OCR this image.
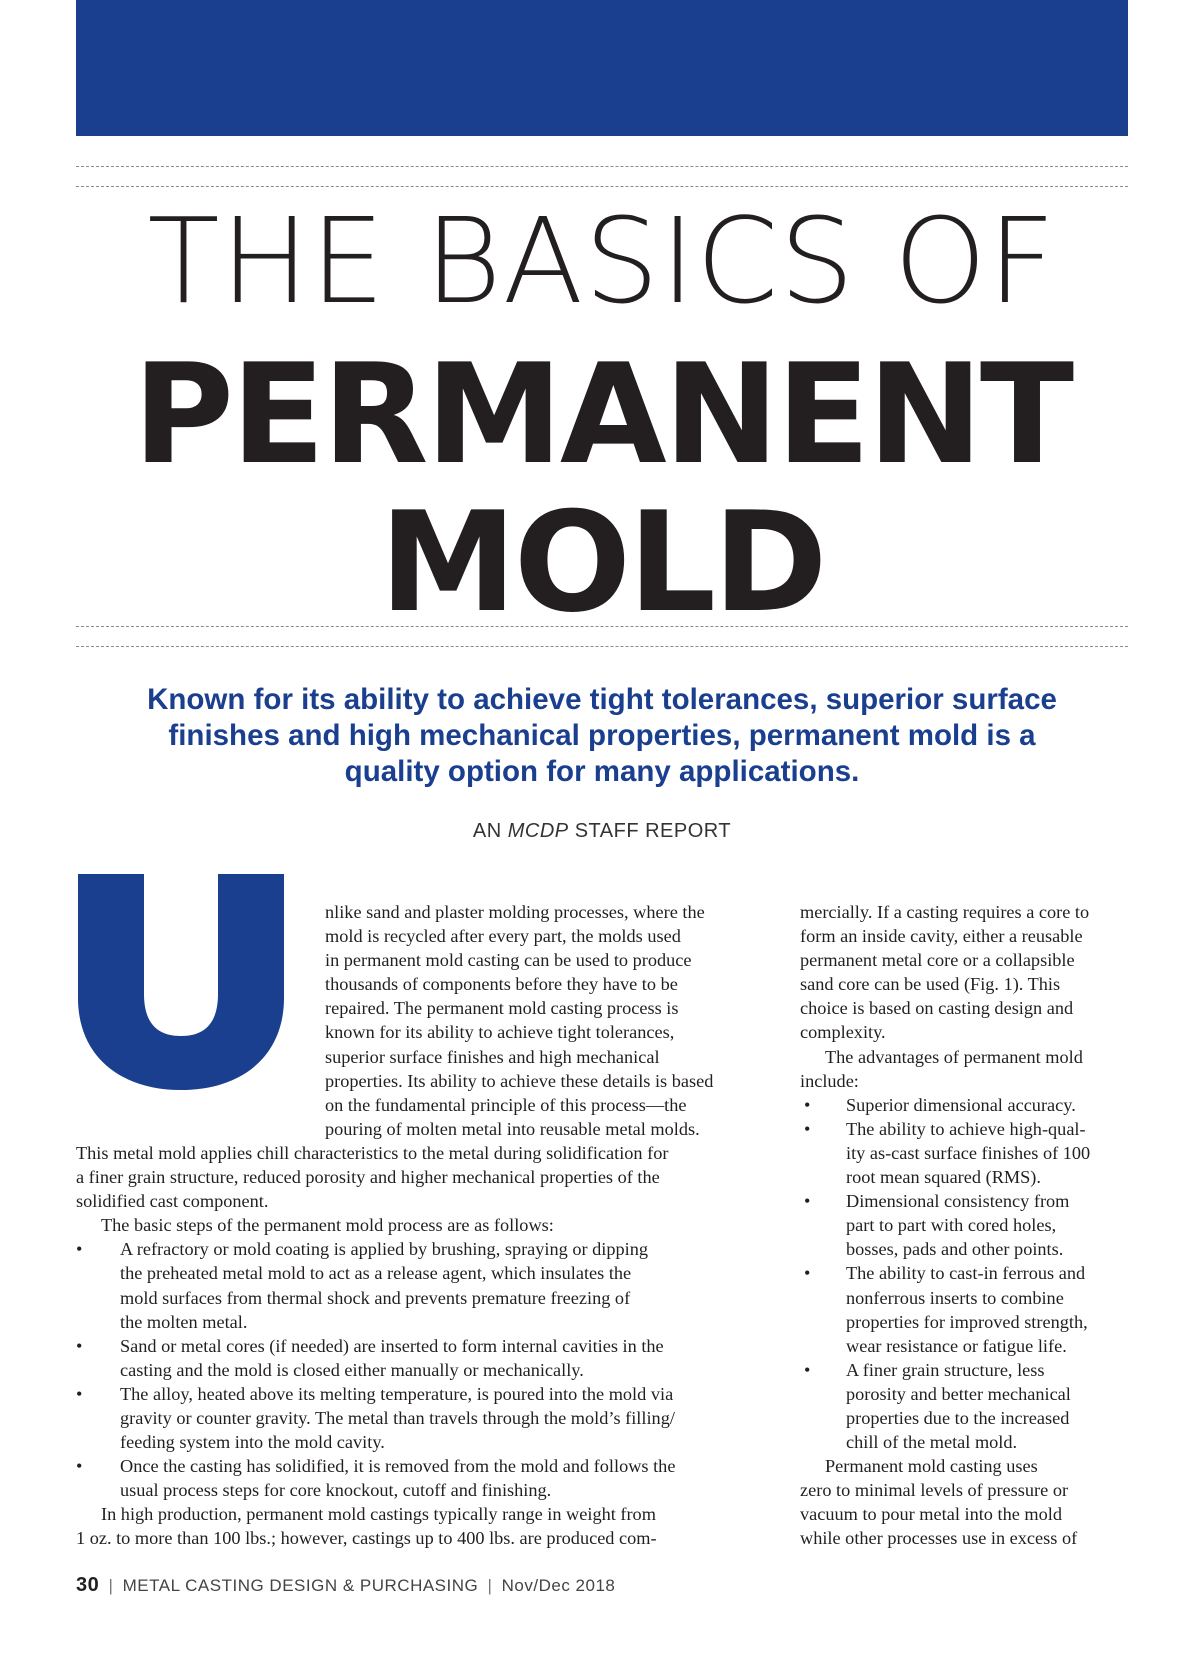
THE BASICS OF
PERMANENT
MOLD
Known for its ability to achieve tight tolerances, superior surface
finishes and high mechanical properties, permanent mold is a
quality option for many applications.
AN MCDP STAFF REPORT
nlike sand and plaster molding processes, where the
mold is recycled after every part, the molds used
in permanent mold casting can be used to produce
thousands of components before they have to be
repaired. The permanent mold casting process is
known for its ability to achieve tight tolerances,
superior surface finishes and high mechanical
properties. Its ability to achieve these details is based
on the fundamental principle of this process—the
pouring of molten metal into reusable metal molds.
This metal mold applies chill characteristics to the metal during solidification for
a finer grain structure, reduced porosity and higher mechanical properties of the
solidified cast component.
The basic steps of the permanent mold process are as follows:
• A refractory or mold coating is applied by brushing, spraying or dipping
the preheated metal mold to act as a release agent, which insulates the
mold surfaces from thermal shock and prevents premature freezing of
the molten metal.
• Sand or metal cores (if needed) are inserted to form internal cavities in the
casting and the mold is closed either manually or mechanically.
• The alloy, heated above its melting temperature, is poured into the mold via
gravity or counter gravity. The metal than travels through the mold’s filling/
feeding system into the mold cavity.
• Once the casting has solidified, it is removed from the mold and follows the
usual process steps for core knockout, cutoff and finishing.
In high production, permanent mold castings typically range in weight from
1 oz. to more than 100 lbs.; however, castings up to 400 lbs. are produced com-
mercially. If a casting requires a core to
form an inside cavity, either a reusable
permanent metal core or a collapsible
sand core can be used (Fig. 1). This
choice is based on casting design and
complexity.
The advantages of permanent mold
include:
• Superior dimensional accuracy.
• The ability to achieve high-qual-
ity as-cast surface finishes of 100
root mean squared (RMS).
• Dimensional consistency from
part to part with cored holes,
bosses, pads and other points.
• The ability to cast-in ferrous and
nonferrous inserts to combine
properties for improved strength,
wear resistance or fatigue life.
• A finer grain structure, less
porosity and better mechanical
properties due to the increased
chill of the metal mold.
Permanent mold casting uses
zero to minimal levels of pressure or
vacuum to pour metal into the mold
while other processes use in excess of
30 | METAL CASTING DESIGN & PURCHASING | Nov/Dec 2018
